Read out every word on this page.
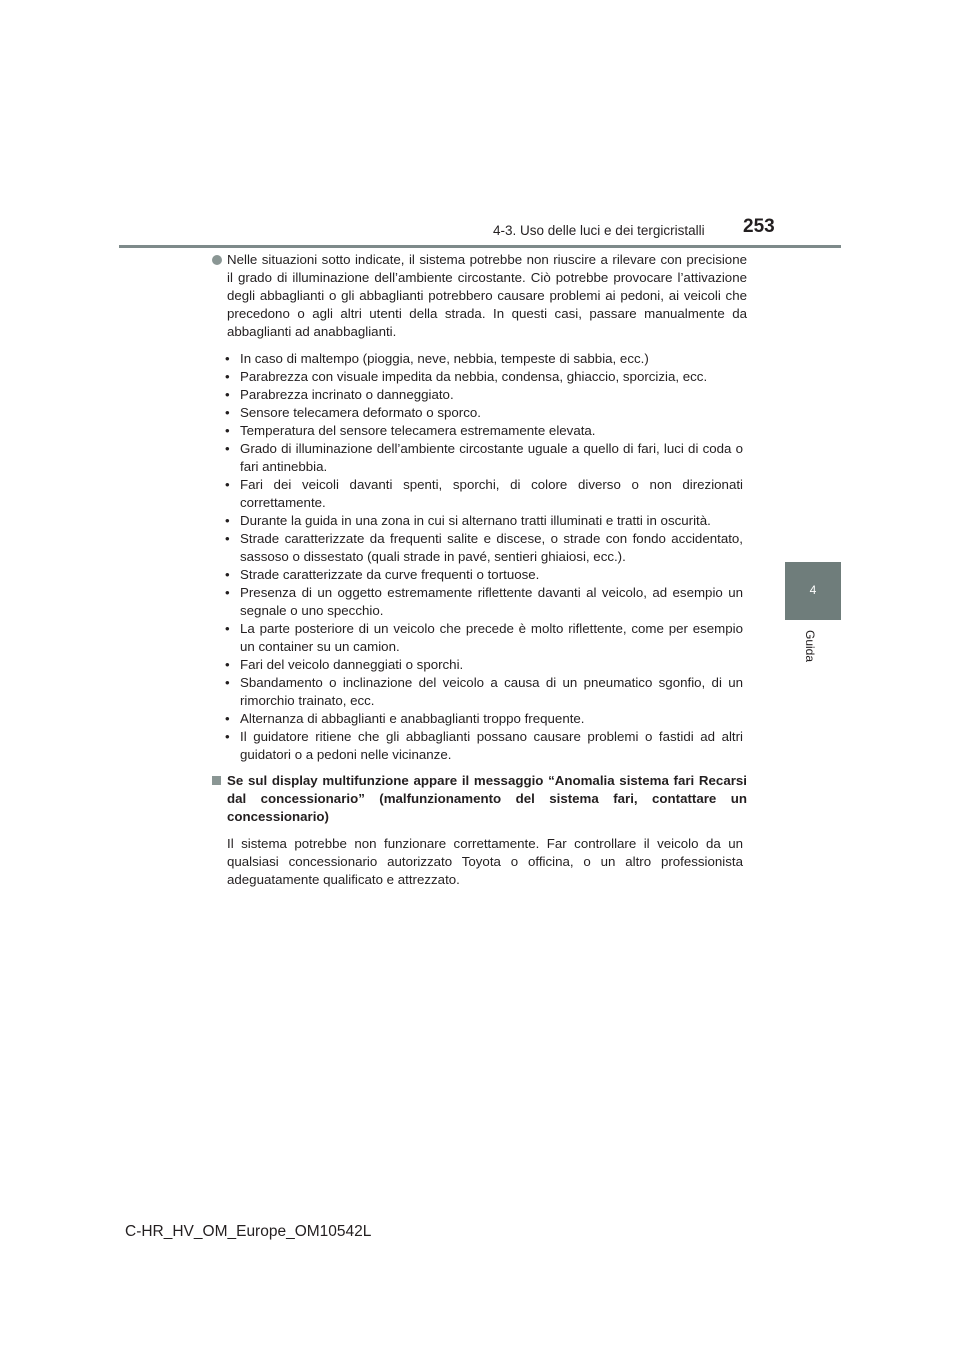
4-3. Uso delle luci e dei tergicristalli 253
4
Guida

Nelle situazioni sotto indicate, il sistema potrebbe non riuscire a rilevare con precisione il grado di illuminazione dell’ambiente circostante. Ciò potrebbe provocare l’attivazione degli abbaglianti o gli abbaglianti potrebbero causare problemi ai pedoni, ai veicoli che precedono o agli altri utenti della strada. In questi casi, passare manualmente da abbaglianti ad anabbaglianti.

• In caso di maltempo (pioggia, neve, nebbia, tempeste di sabbia, ecc.)
• Parabrezza con visuale impedita da nebbia, condensa, ghiaccio, sporcizia, ecc.
• Parabrezza incrinato o danneggiato.
• Sensore telecamera deformato o sporco.
• Temperatura del sensore telecamera estremamente elevata.
• Grado di illuminazione dell’ambiente circostante uguale a quello di fari, luci di coda o fari antinebbia.
• Fari dei veicoli davanti spenti, sporchi, di colore diverso o non direzionati correttamente.
• Durante la guida in una zona in cui si alternano tratti illuminati e tratti in oscurità.
• Strade caratterizzate da frequenti salite e discese, o strade con fondo accidentato, sassoso o dissestato (quali strade in pavé, sentieri ghiaiosi, ecc.).
• Strade caratterizzate da curve frequenti o tortuose.
• Presenza di un oggetto estremamente riflettente davanti al veicolo, ad esempio un segnale o uno specchio.
• La parte posteriore di un veicolo che precede è molto riflettente, come per esempio un container su un camion.
• Fari del veicolo danneggiati o sporchi.
• Sbandamento o inclinazione del veicolo a causa di un pneumatico sgonfio, di un rimorchio trainato, ecc.
• Alternanza di abbaglianti e anabbaglianti troppo frequente.
• Il guidatore ritiene che gli abbaglianti possano causare problemi o fastidi ad altri guidatori o a pedoni nelle vicinanze.

Se sul display multifunzione appare il messaggio “Anomalia sistema fari Recarsi dal concessionario” (malfunzionamento del sistema fari, contattare un concessionario)

Il sistema potrebbe non funzionare correttamente. Far controllare il veicolo da un qualsiasi concessionario autorizzato Toyota o officina, o un altro professionista adeguatamente qualificato e attrezzato.

C-HR_HV_OM_Europe_OM10542L
